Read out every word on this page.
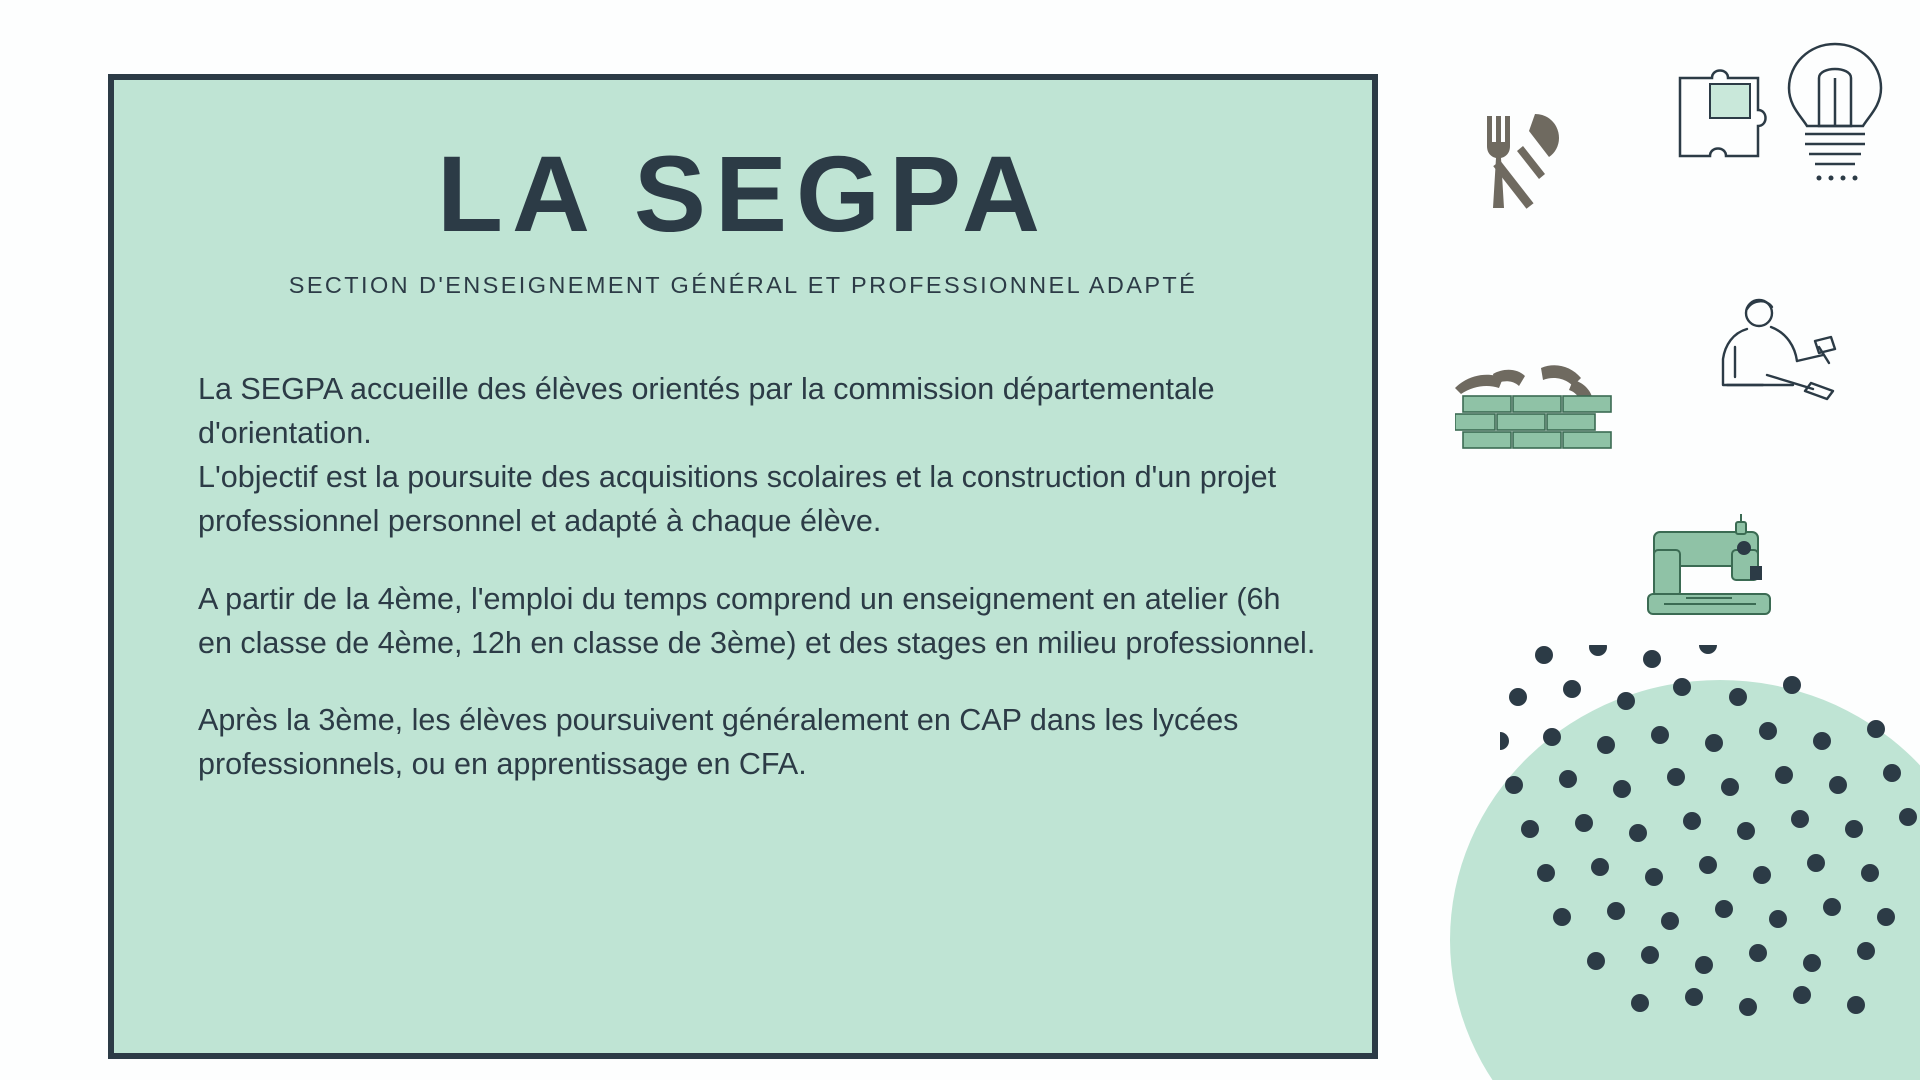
LA SEGPA
SECTION D'ENSEIGNEMENT GÉNÉRAL ET PROFESSIONNEL ADAPTÉ

La SEGPA accueille des élèves orientés par la commission départementale d'orientation.
L'objectif est la poursuite des acquisitions scolaires et la construction d'un projet professionnel personnel et adapté à chaque élève.

A partir de la 4ème, l'emploi du temps comprend un enseignement en atelier (6h en classe de 4ème, 12h en classe de 3ème) et des stages en milieu professionnel.

Après la 3ème, les élèves poursuivent généralement en CAP dans les lycées professionnels, ou en apprentissage en CFA.
